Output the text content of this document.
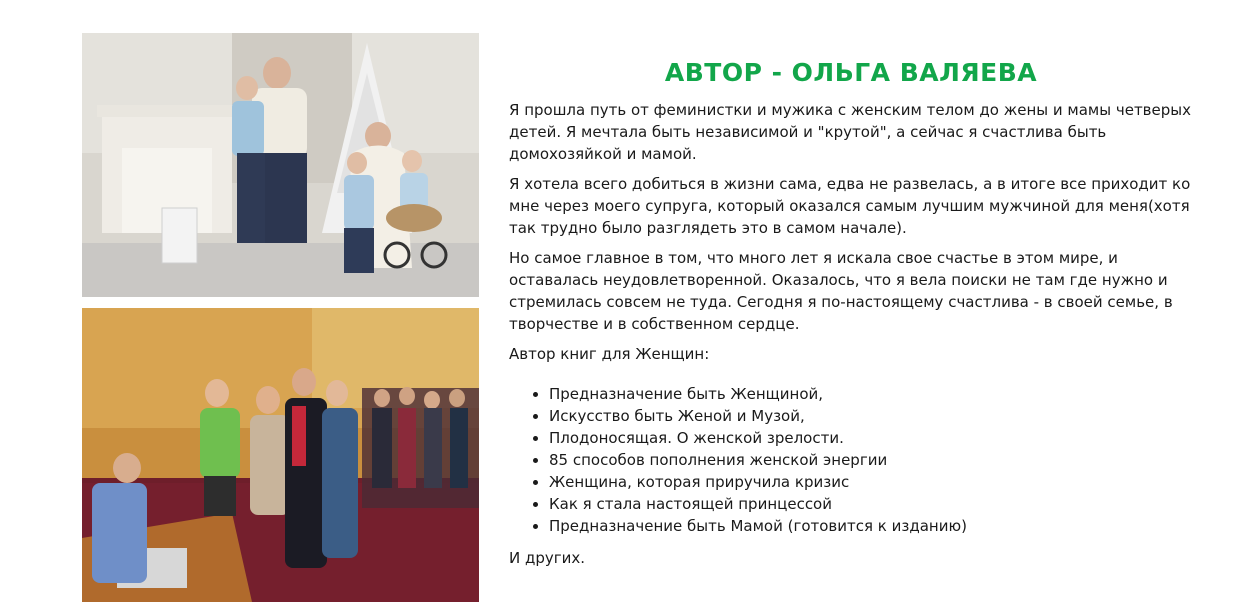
АВТОР - ОЛЬГА ВАЛЯЕВА

Я прошла путь от феминистки и мужика с женским телом до жены и мамы четверых детей. Я мечтала быть независимой и "крутой", а сейчас я счастлива быть домохозяйкой и мамой.

Я хотела всего добиться в жизни сама, едва не развелась, а в итоге все приходит ко мне через моего супруга, который оказался самым лучшим мужчиной для меня(хотя так трудно было разглядеть это в самом начале).

Но самое главное в том, что много лет я искала свое счастье в этом мире, и оставалась неудовлетворенной. Оказалось, что я вела поиски не там где нужно и стремилась совсем не туда. Сегодня я по-настоящему счастлива - в своей семье, в творчестве и в собственном сердце.

Автор книг для Женщин:

• Предназначение быть Женщиной,
• Искусство быть Женой и Музой,
• Плодоносящая. О женской зрелости.
• 85 способов пополнения женской энергии
• Женщина, которая приручила кризис
• Как я стала настоящей принцессой
• Предназначение быть Мамой (готовится к изданию)

И других.
